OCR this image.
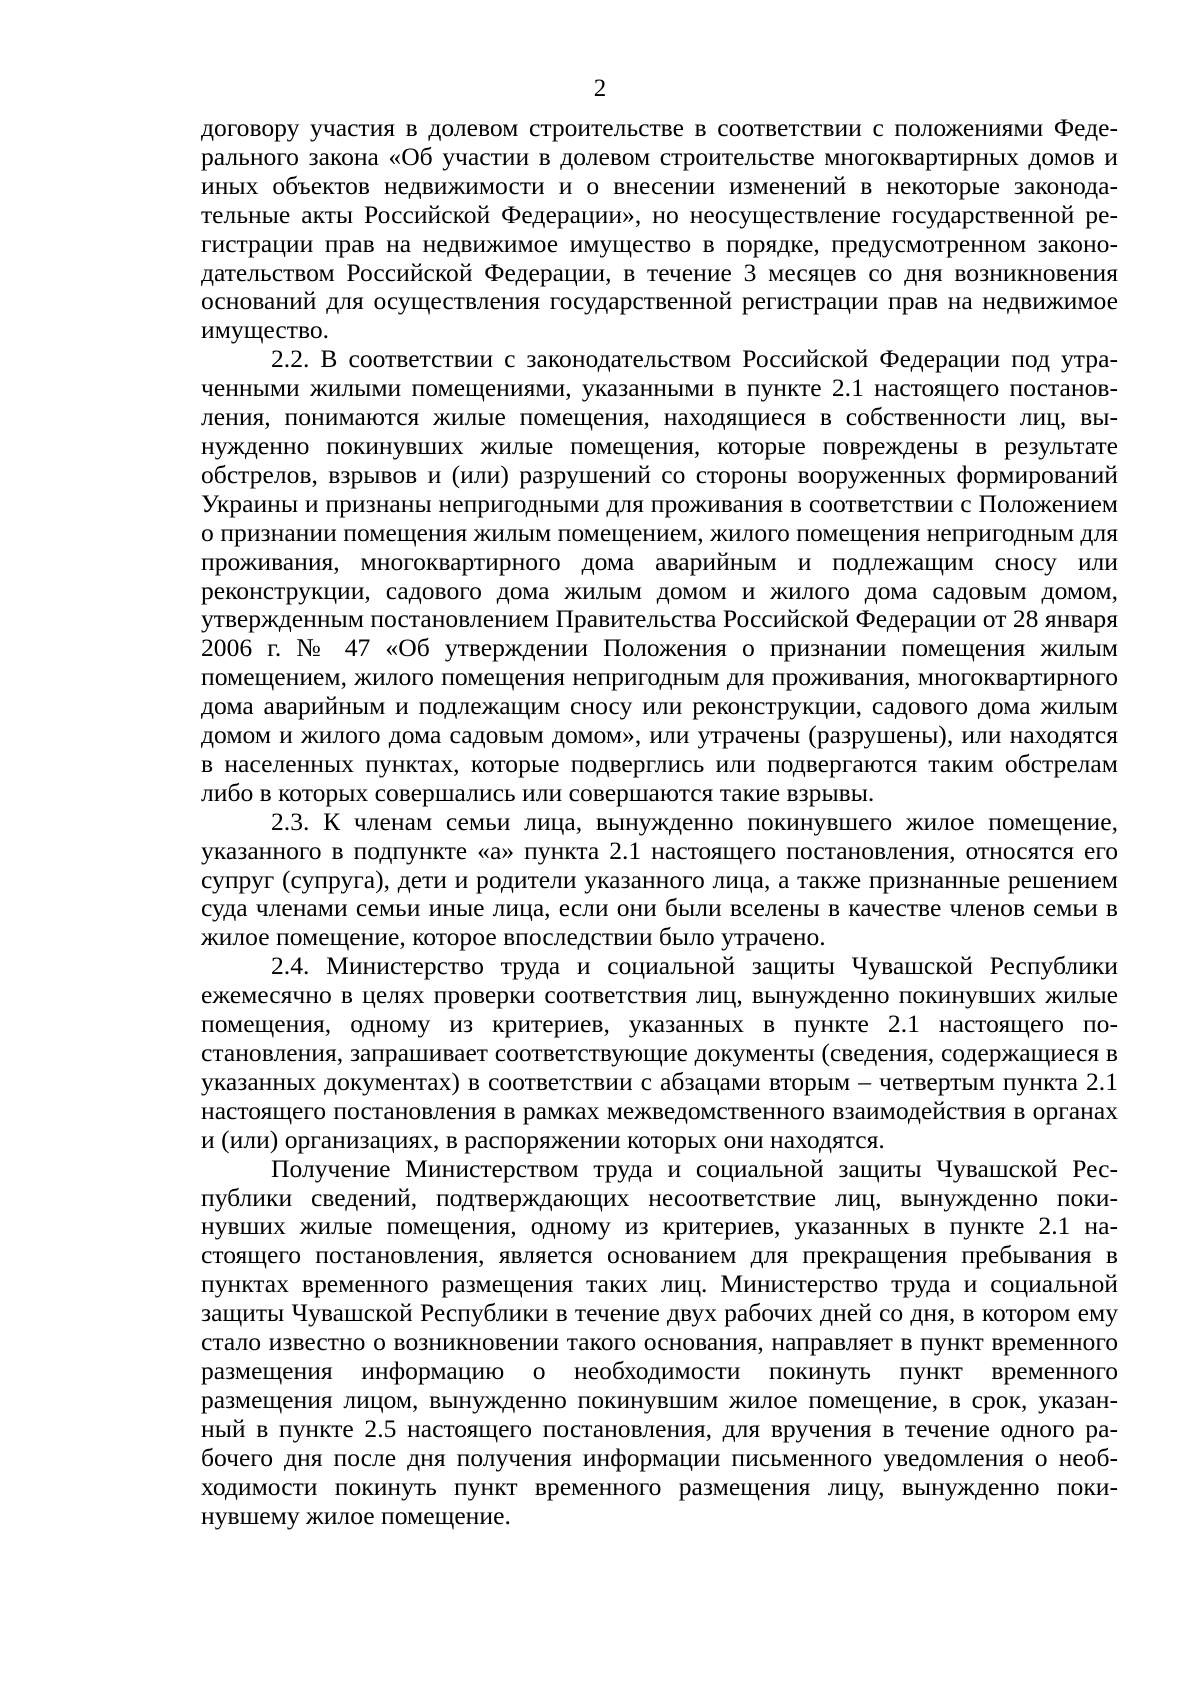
2

договору участия в долевом строительстве в соответствии с положениями Федерального закона «Об участии в долевом строительстве многоквартирных домов и иных объектов недвижимости и о внесении изменений в некоторые законодательные акты Российской Федерации», но неосуществление государственной регистрации прав на недвижимое имущество в порядке, предусмотренном законодательством Российской Федерации, в течение 3 месяцев со дня возникновения оснований для осуществления государственной регистрации прав на недвижимое имущество.

2.2. В соответствии с законодательством Российской Федерации под утраченными жилыми помещениями, указанными в пункте 2.1 настоящего постановления, понимаются жилые помещения, находящиеся в собственности лиц, вынужденно покинувших жилые помещения, которые повреждены в результате обстрелов, взрывов и (или) разрушений со стороны вооруженных формирований Украины и признаны непригодными для проживания в соответствии с Положением о признании помещения жилым помещением, жилого помещения непригодным для проживания, многоквартирного дома аварийным и подлежащим сносу или реконструкции, садового дома жилым домом и жилого дома садовым домом, утвержденным постановлением Правительства Российской Федерации от 28 января 2006 г. № 47 «Об утверждении Положения о признании помещения жилым помещением, жилого помещения непригодным для проживания, многоквартирного дома аварийным и подлежащим сносу или реконструкции, садового дома жилым домом и жилого дома садовым домом», или утрачены (разрушены), или находятся в населенных пунктах, которые подверглись или подвергаются таким обстрелам либо в которых совершались или совершаются такие взрывы.

2.3. К членам семьи лица, вынужденно покинувшего жилое помещение, указанного в подпункте «а» пункта 2.1 настоящего постановления, относятся его супруг (супруга), дети и родители указанного лица, а также признанные решением суда членами семьи иные лица, если они были вселены в качестве членов семьи в жилое помещение, которое впоследствии было утрачено.

2.4. Министерство труда и социальной защиты Чувашской Республики ежемесячно в целях проверки соответствия лиц, вынужденно покинувших жилые помещения, одному из критериев, указанных в пункте 2.1 настоящего постановления, запрашивает соответствующие документы (сведения, содержащиеся в указанных документах) в соответствии с абзацами вторым – четвертым пункта 2.1 настоящего постановления в рамках межведомственного взаимодействия в органах и (или) организациях, в распоряжении которых они находятся.

Получение Министерством труда и социальной защиты Чувашской Республики сведений, подтверждающих несоответствие лиц, вынужденно покинувших жилые помещения, одному из критериев, указанных в пункте 2.1 настоящего постановления, является основанием для прекращения пребывания в пунктах временного размещения таких лиц. Министерство труда и социальной защиты Чувашской Республики в течение двух рабочих дней со дня, в котором ему стало известно о возникновении такого основания, направляет в пункт временного размещения информацию о необходимости покинуть пункт временного размещения лицом, вынужденно покинувшим жилое помещение, в срок, указанный в пункте 2.5 настоящего постановления, для вручения в течение одного рабочего дня после дня получения информации письменного уведомления о необходимости покинуть пункт временного размещения лицу, вынужденно покинувшему жилое помещение.
